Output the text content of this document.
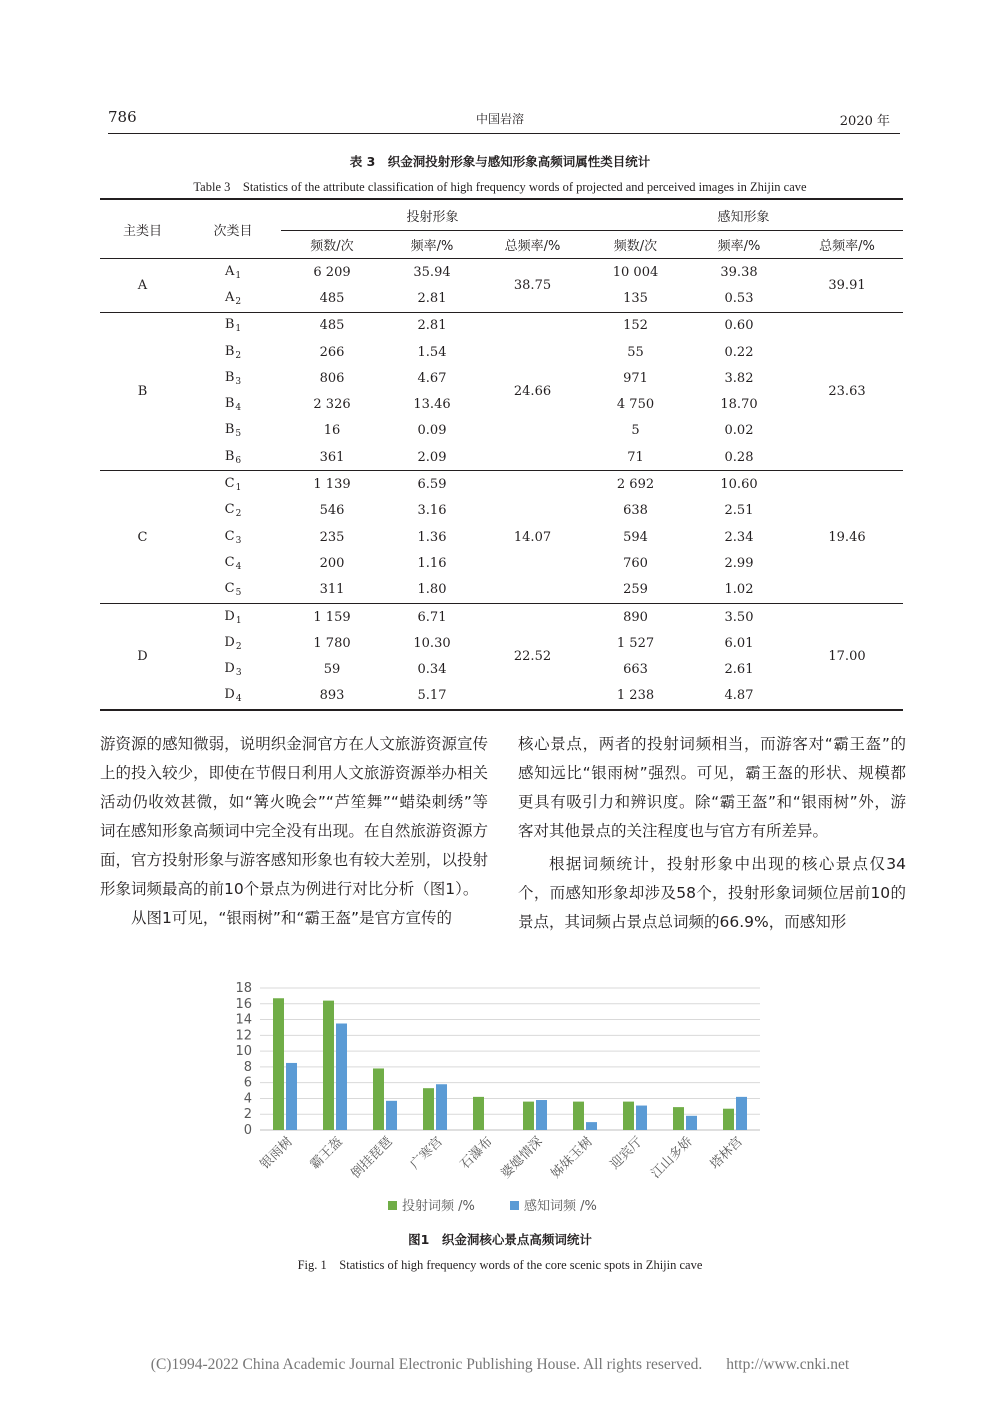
786	中国岩溶	2020 年
表 3　织金洞投射形象与感知形象高频词属性类目统计
Table 3　Statistics of the attribute classification of high frequency words of projected and perceived images in Zhijin cave
主类目	次类目	投射形象			感知形象		
		频数/次	频率/%	总频率/%	频数/次	频率/%	总频率/%
A	$A_1$	6 209	35.94	38.75	10 004	39.38	39.91
	$A_2$	485	2.81		135	0.53	
B	$B_1$	485	2.81	24.66	152	0.60	23.63
	$B_2$	266	1.54		55	0.22	
	$B_3$	806	4.67		971	3.82	
	$B_4$	2 326	13.46		4 750	18.70	
	$B_5$	16	0.09		5	0.02	
	$B_6$	361	2.09		71	0.28	
C	$C_1$	1 139	6.59	14.07	2 692	10.60	19.46
	$C_2$	546	3.16		638	2.51	
	$C_3$	235	1.36		594	2.34	
	$C_4$	200	1.16		760	2.99	
	$C_5$	311	1.80		259	1.02	
D	$D_1$	1 159	6.71	22.52	890	3.50	17.00
	$D_2$	1 780	10.30		1 527	6.01	
	$D_3$	59	0.34		663	2.61	
	$D_4$	893	5.17		1 238	4.87	

游资源的感知微弱，说明织金洞官方在人文旅游资源宣传上的投入较少，即使在节假日利用人文旅游资源举办相关活动仍收效甚微，如“篝火晚会”“芦笙舞”“蜡染刺绣”等词在感知形象高频词中完全没有出现。在自然旅游资源方面，官方投射形象与游客感知形象也有较大差别，以投射形象词频最高的前10个景点为例进行对比分析（图1）。

从图1可见，“银雨树”和“霸王盔”是官方宣传的

核心景点，两者的投射词频相当，而游客对“霸王盔”的感知远比“银雨树”强烈。可见，霸王盔的形状、规模都更具有吸引力和辨识度。除“霸王盔”和“银雨树”外，游客对其他景点的关注程度也与官方有所差异。

根据词频统计，投射形象中出现的核心景点仅34个，而感知形象却涉及58个，投射形象词频位居前10的景点，其词频占景点总词频的66.9%，而感知形

0
2
4
6
8
10
12
14
16
18
银雨树 霸王盔 倒挂琵琶 广寒宫 石瀑布 婆媳情深 姊妹玉树 迎宾厅 江山多娇 塔林宫
投射词频 /%	感知词频 /%
图1　织金洞核心景点高频词统计
Fig. 1　Statistics of high frequency words of the core scenic spots in Zhijin cave
(C)1994-2022 China Academic Journal Electronic Publishing House. All rights reserved. http://www.cnki.net
